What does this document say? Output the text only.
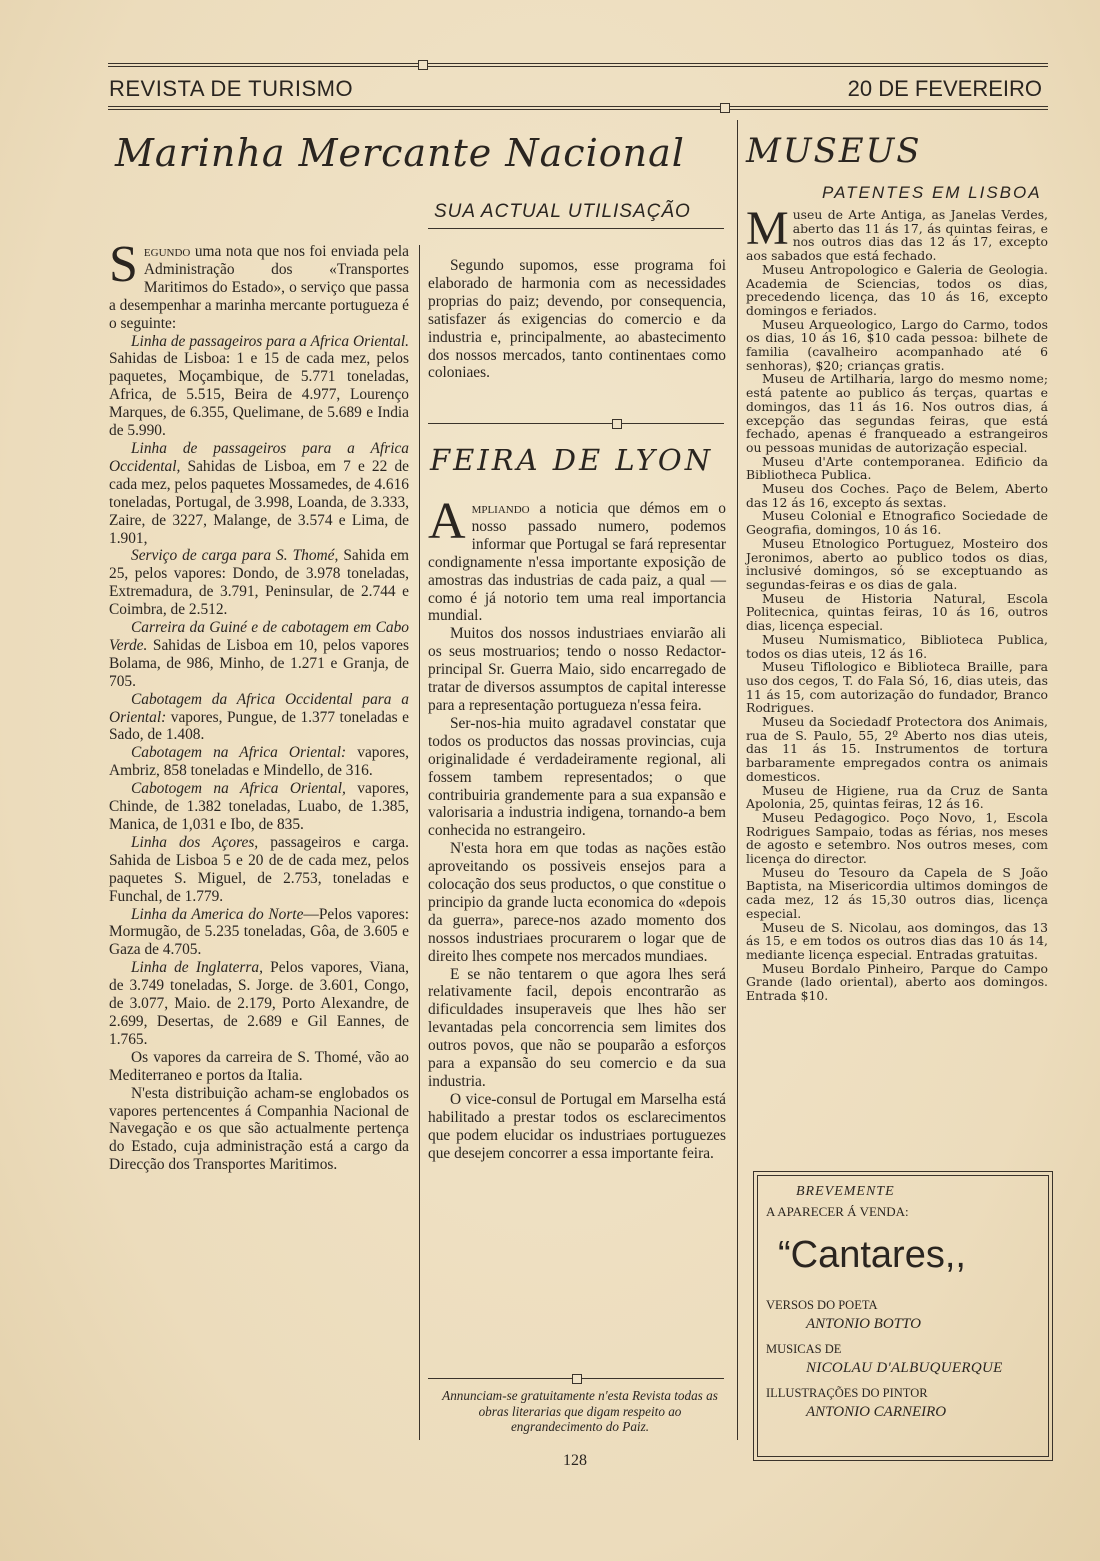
REVISTA DE TURISMO	20 DE FEVEREIRO
Marinha Mercante Nacional MUSEUS
PATENTES EM LISBOA
SUA ACTUAL UTILISAÇÃO

Segundo uma nota que nos foi enviada pela Administração dos «Transportes Maritimos do Estado», o serviço que passa a desempenhar a marinha mercante portugueza é o seguinte:

Linha de passageiros para a Africa Oriental. Sahidas de Lisboa: 1 e 15 de cada mez, pelos paquetes, Moçambique, de 5.771 toneladas, Africa, de 5.515, Beira de 4.977, Lourenço Marques, de 6.355, Quelimane, de 5.689 e India de 5.990.

Linha de passageiros para a Africa Occidental, Sahidas de Lisboa, em 7 e 22 de cada mez, pelos paquetes Mossamedes, de 4.616 toneladas, Portugal, de 3.998, Loanda, de 3.333, Zaire, de 3227, Malange, de 3.574 e Lima, de 1.901,

Serviço de carga para S. Thomé, Sahida em 25, pelos vapores: Dondo, de 3.978 toneladas, Extremadura, de 3.791, Peninsular, de 2.744 e Coimbra, de 2.512.

Carreira da Guiné e de cabotagem em Cabo Verde. Sahidas de Lisboa em 10, pelos vapores Bolama, de 986, Minho, de 1.271 e Granja, de 705.

Cabotagem da Africa Occidental para a Oriental: vapores, Pungue, de 1.377 toneladas e Sado, de 1.408.

Cabotagem na Africa Oriental: vapores, Ambriz, 858 toneladas e Mindello, de 316.

Cabotogem na Africa Oriental, vapores, Chinde, de 1.382 toneladas, Luabo, de 1.385, Manica, de 1,031 e Ibo, de 835.

Linha dos Açores, passageiros e carga. Sahida de Lisboa 5 e 20 de de cada mez, pelos paquetes S. Miguel, de 2.753, toneladas e Funchal, de 1.779.

Linha da America do Norte—Pelos vapores: Mormugão, de 5.235 toneladas, Gôa, de 3.605 e Gaza de 4.705.

Linha de Inglaterra, Pelos vapores, Viana, de 3.749 toneladas, S. Jorge. de 3.601, Congo, de 3.077, Maio. de 2.179, Porto Alexandre, de 2.699, Desertas, de 2.689 e Gil Eannes, de 1.765.

Os vapores da carreira de S. Thomé, vão ao Mediterraneo e portos da Italia.

N'esta distribuição acham-se englobados os vapores pertencentes á Companhia Nacional de Navegação e os que são actualmente pertença do Estado, cuja administração está a cargo da Direcção dos Transportes Maritimos.

Segundo supomos, esse programa foi elaborado de harmonia com as necessidades proprias do paiz; devendo, por consequencia, satisfazer ás exigencias do comercio e da industria e, principalmente, ao abastecimento dos nossos mercados, tanto continentaes como coloniaes.

FEIRA DE LYON

Ampliando a noticia que démos em o nosso passado numero, podemos informar que Portugal se fará representar condignamente n'essa importante exposição de amostras das industrias de cada paiz, a qual — como é já notorio tem uma real importancia mundial.

Muitos dos nossos industriaes enviarão ali os seus mostruarios; tendo o nosso Redactor-principal Sr. Guerra Maio, sido encarregado de tratar de diversos assumptos de capital interesse para a representação portugueza n'essa feira.

Ser-nos-hia muito agradavel constatar que todos os productos das nossas provincias, cuja originalidade é verdadeiramente regional, ali fossem tambem representados; o que contribuiria grandemente para a sua expansão e valorisaria a industria indigena, tornando-a bem conhecida no estrangeiro.

N'esta hora em que todas as nações estão aproveitando os possiveis ensejos para a colocação dos seus productos, o que constitue o principio da grande lucta economica do «depois da guerra», parece-nos azado momento dos nossos industriaes procurarem o logar que de direito lhes compete nos mercados mundiaes.

E se não tentarem o que agora lhes será relativamente facil, depois encontrarão as dificuldades insuperaveis que lhes hão ser levantadas pela concorrencia sem limites dos outros povos, que não se pouparão a esforços para a expansão do seu comercio e da sua industria.

O vice-consul de Portugal em Marselha está habilitado a prestar todos os esclarecimentos que podem elucidar os industriaes portuguezes que desejem concorrer a essa importante feira.

Annunciam-se gratuitamente n'esta Revista todas as obras literarias que digam respeito ao engrandecimento do Paiz.

Museu de Arte Antiga, as Janelas Verdes, aberto das 11 ás 17, ás quintas feiras, e nos outros dias das 12 ás 17, excepto aos sabados que está fechado.

Museu Antropologico e Galeria de Geologia. Academia de Sciencias, todos os dias, precedendo licença, das 10 ás 16, excepto domingos e feriados.

Museu Arqueologico, Largo do Carmo, todos os dias, 10 ás 16, $10 cada pessoa: bilhete de familia (cavalheiro acompanhado até 6 senhoras), $20; crianças gratis.

Museu de Artilharia, largo do mesmo nome; está patente ao publico ás terças, quartas e domingos, das 11 ás 16. Nos outros dias, á excepção das segundas feiras, que está fechado, apenas é franqueado a estrangeiros ou pessoas munidas de autorização especial.

Museu d'Arte contemporanea. Edificio da Bibliotheca Publica.

Museu dos Coches. Paço de Belem, Aberto das 12 ás 16, excepto ás sextas.

Museu Colonial e Etnografico Sociedade de Geografia, domingos, 10 ás 16.

Museu Etnologico Portuguez, Mosteiro dos Jeronimos, aberto ao publico todos os dias, inclusivé domingos, só se exceptuando as segundas-feiras e os dias de gala.

Museu de Historia Natural, Escola Politecnica, quintas feiras, 10 ás 16, outros dias, licença especial.

Museu Numismatico, Biblioteca Publica, todos os dias uteis, 12 ás 16.

Museu Tiflologico e Biblioteca Braille, para uso dos cegos, T. do Fala Só, 16, dias uteis, das 11 ás 15, com autorização do fundador, Branco Rodrigues.

Museu da Sociedadf Protectora dos Animais, rua de S. Paulo, 55, 2º Aberto nos dias uteis, das 11 ás 15. Instrumentos de tortura barbaramente empregados contra os animais domesticos.

Museu de Higiene, rua da Cruz de Santa Apolonia, 25, quintas feiras, 12 ás 16.

Museu Pedagogico. Poço Novo, 1, Escola Rodrigues Sampaio, todas as férias, nos meses de agosto e setembro. Nos outros meses, com licença do director.

Museu do Tesouro da Capela de S João Baptista, na Misericordia ultimos domingos de cada mez, 12 ás 15,30 outros dias, licença especial.

Museu de S. Nicolau, aos domingos, das 13 ás 15, e em todos os outros dias das 10 ás 14, mediante licença especial. Entradas gratuitas.

Museu Bordalo Pinheiro, Parque do Campo Grande (lado oriental), aberto aos domingos. Entrada $10.

BREVEMENTE
A APARECER Á VENDA:
“Cantares,,
VERSOS DO POETA
ANTONIO BOTTO
MUSICAS DE
NICOLAU D'ALBUQUERQUE
ILLUSTRAÇÕES DO PINTOR
ANTONIO CARNEIRO
128
